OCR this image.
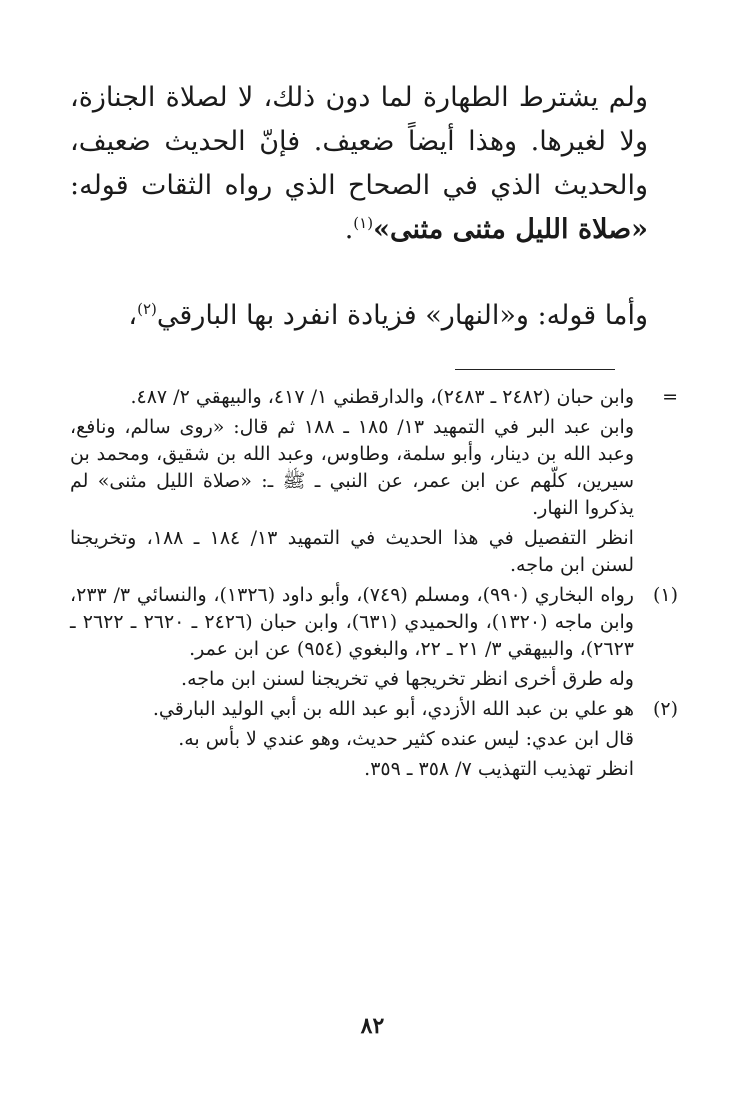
ولم يشترط الطهارة لما دون ذلك، لا لصلاة الجنازة، ولا لغيرها. وهذا أيضاً ضعيف. فإنّ الحديث ضعيف، والحديث الذي في الصحاح الذي رواه الثقات قوله: «صلاة الليل مثنى مثنى»$^{(١)}$.

وأما قوله: و«النهار» فزيادة انفرد بها البارقي$^{(٢)}$،

=

وابن حبان (٢٤٨٢ ـ ٢٤٨٣)، والدارقطني ١/ ٤١٧، والبيهقي ٢/ ٤٨٧.

وابن عبد البر في التمهيد ١٣/ ١٨٥ ـ ١٨٨ ثم قال: «روى سالم، ونافع، وعبد الله بن دينار، وأبو سلمة، وطاوس، وعبد الله بن شقيق، ومحمد بن سيرين، كلّهم عن ابن عمر، عن النبي ـ ﷺ ـ: «صلاة الليل مثنى» لم يذكروا النهار.

انظر التفصيل في هذا الحديث في التمهيد ١٣/ ١٨٤ ـ ١٨٨، وتخريجنا لسنن ابن ماجه.

(١)

رواه البخاري (٩٩٠)، ومسلم (٧٤٩)، وأبو داود (١٣٢٦)، والنسائي ٣/ ٢٣٣، وابن ماجه (١٣٢٠)، والحميدي (٦٣١)، وابن حبان (٢٤٢٦ ـ ٢٦٢٠ ـ ٢٦٢٢ ـ ٢٦٢٣)، والبيهقي ٣/ ٢١ ـ ٢٢، والبغوي (٩٥٤) عن ابن عمر.

وله طرق أخرى انظر تخريجها في تخريجنا لسنن ابن ماجه.

(٢)

هو علي بن عبد الله الأزدي، أبو عبد الله بن أبي الوليد البارقي.

قال ابن عدي: ليس عنده كثير حديث، وهو عندي لا بأس به.

انظر تهذيب التهذيب ٧/ ٣٥٨ ـ ٣٥٩.

٨٢
